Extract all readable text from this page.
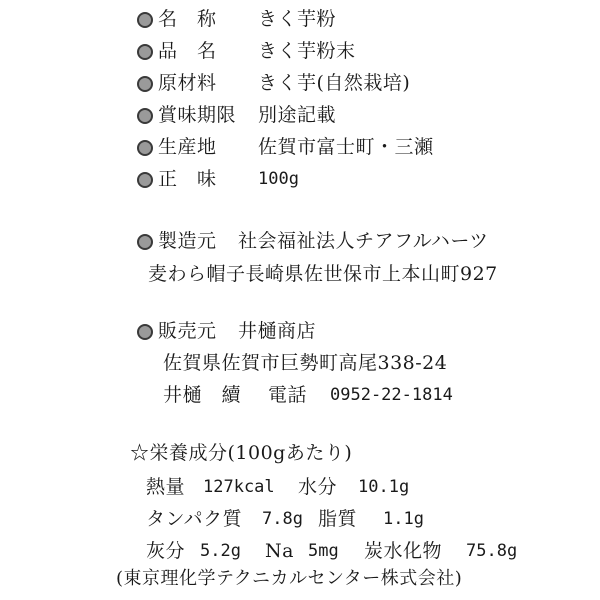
名　称 きく芋粉
品　名 きく芋粉末
原材料 きく芋(自然栽培)
賞味期限 別途記載
生産地 佐賀市富士町・三瀬
正　味 100g
製造元 社会福祉法人チアフルハーツ
麦わら帽子長崎県佐世保市上本山町927
販売元 井樋商店
佐賀県佐賀市巨勢町高尾338-24
井樋　續 電話 0952-22-1814
☆栄養成分(100gあたり)
熱量 127kcal 水分 10.1g
タンパク質 7.8g 脂質 1.1g
灰分 5.2g Na 5mg 炭水化物 75.8g
(東京理化学テクニカルセンター株式会社)
